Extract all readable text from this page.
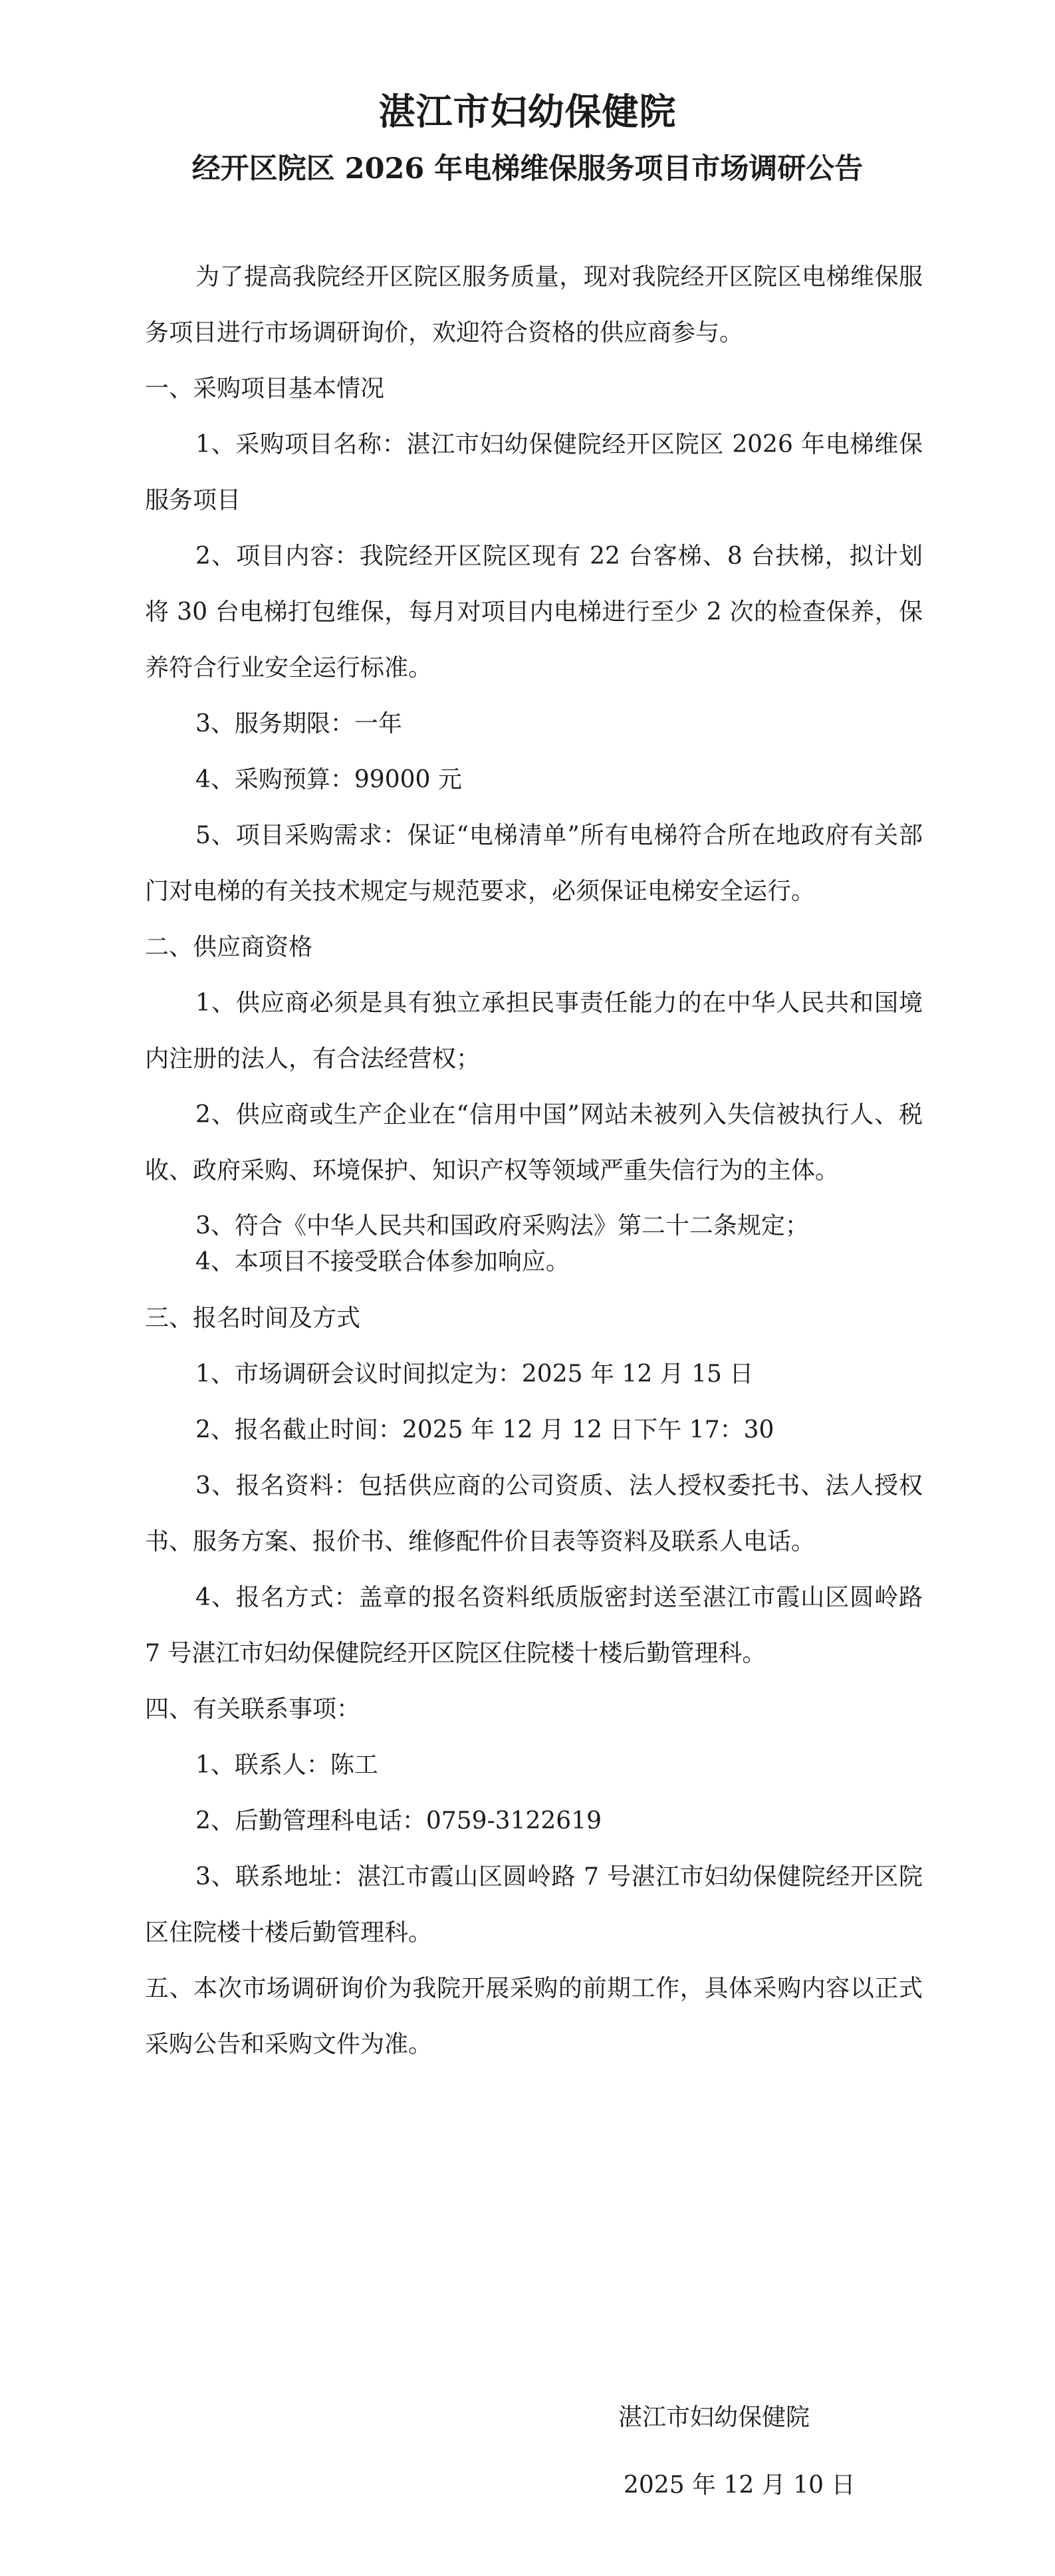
湛江市妇幼保健院
经开区院区 2026 年电梯维保服务项目市场调研公告

为了提高我院经开区院区服务质量，现对我院经开区院区电梯维保服务项目进行市场调研询价，欢迎符合资格的供应商参与。

一、采购项目基本情况

1、采购项目名称：湛江市妇幼保健院经开区院区 2026 年电梯维保服务项目

2、项目内容：我院经开区院区现有 22 台客梯、8 台扶梯，拟计划将 30 台电梯打包维保，每月对项目内电梯进行至少 2 次的检查保养，保养符合行业安全运行标准。

3、服务期限：一年

4、采购预算：99000 元

5、项目采购需求：保证“电梯清单”所有电梯符合所在地政府有关部门对电梯的有关技术规定与规范要求，必须保证电梯安全运行。

二、供应商资格

1、供应商必须是具有独立承担民事责任能力的在中华人民共和国境内注册的法人，有合法经营权；

2、供应商或生产企业在“信用中国”网站未被列入失信被执行人、税收、政府采购、环境保护、知识产权等领域严重失信行为的主体。

3、符合《中华人民共和国政府采购法》第二十二条规定；

4、本项目不接受联合体参加响应。

三、报名时间及方式

1、市场调研会议时间拟定为：2025 年 12 月 15 日

2、报名截止时间：2025 年 12 月 12 日下午 17：30

3、报名资料：包括供应商的公司资质、法人授权委托书、法人授权书、服务方案、报价书、维修配件价目表等资料及联系人电话。

4、报名方式：盖章的报名资料纸质版密封送至湛江市霞山区圆岭路 7 号湛江市妇幼保健院经开区院区住院楼十楼后勤管理科。

四、有关联系事项：

1、联系人：陈工

2、后勤管理科电话：0759-3122619

3、联系地址：湛江市霞山区圆岭路 7 号湛江市妇幼保健院经开区院区住院楼十楼后勤管理科。

五、本次市场调研询价为我院开展采购的前期工作，具体采购内容以正式采购公告和采购文件为准。

湛江市妇幼保健院
2025 年 12 月 10 日
